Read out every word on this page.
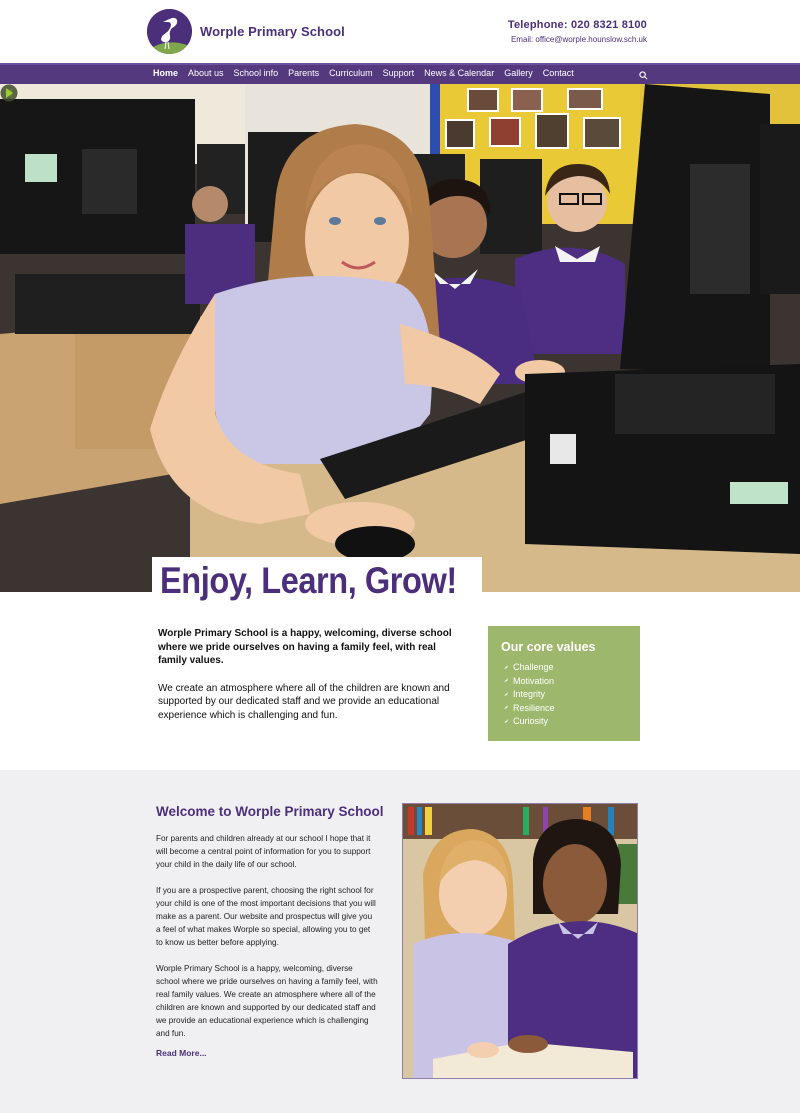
Worple Primary School	Telephone: 020 8321 8100
Email: office@worple.hounslow.sch.uk
Home About us School info Parents Curriculum Support News & Calendar Gallery Contact
Enjoy, Learn, Grow!

Worple Primary School is a happy, welcoming, diverse school where we pride ourselves on having a family feel, with real family values.

We create an atmosphere where all of the children are known and supported by our dedicated staff and we provide an educational experience which is challenging and fun.

Our core values
Challenge
Motivation
Integrity
Resilience
Curiosity
Welcome to Worple Primary School

For parents and children already at our school I hope that it will become a central point of information for you to support your child in the daily life of our school.

If you are a prospective parent, choosing the right school for your child is one of the most important decisions that you will make as a parent. Our website and prospectus will give you a feel of what makes Worple so special, allowing you to get to know us better before applying.

Worple Primary School is a happy, welcoming, diverse school where we pride ourselves on having a family feel, with real family values. We create an atmosphere where all of the children are known and supported by our dedicated staff and we provide an educational experience which is challenging and fun.

Read More...
